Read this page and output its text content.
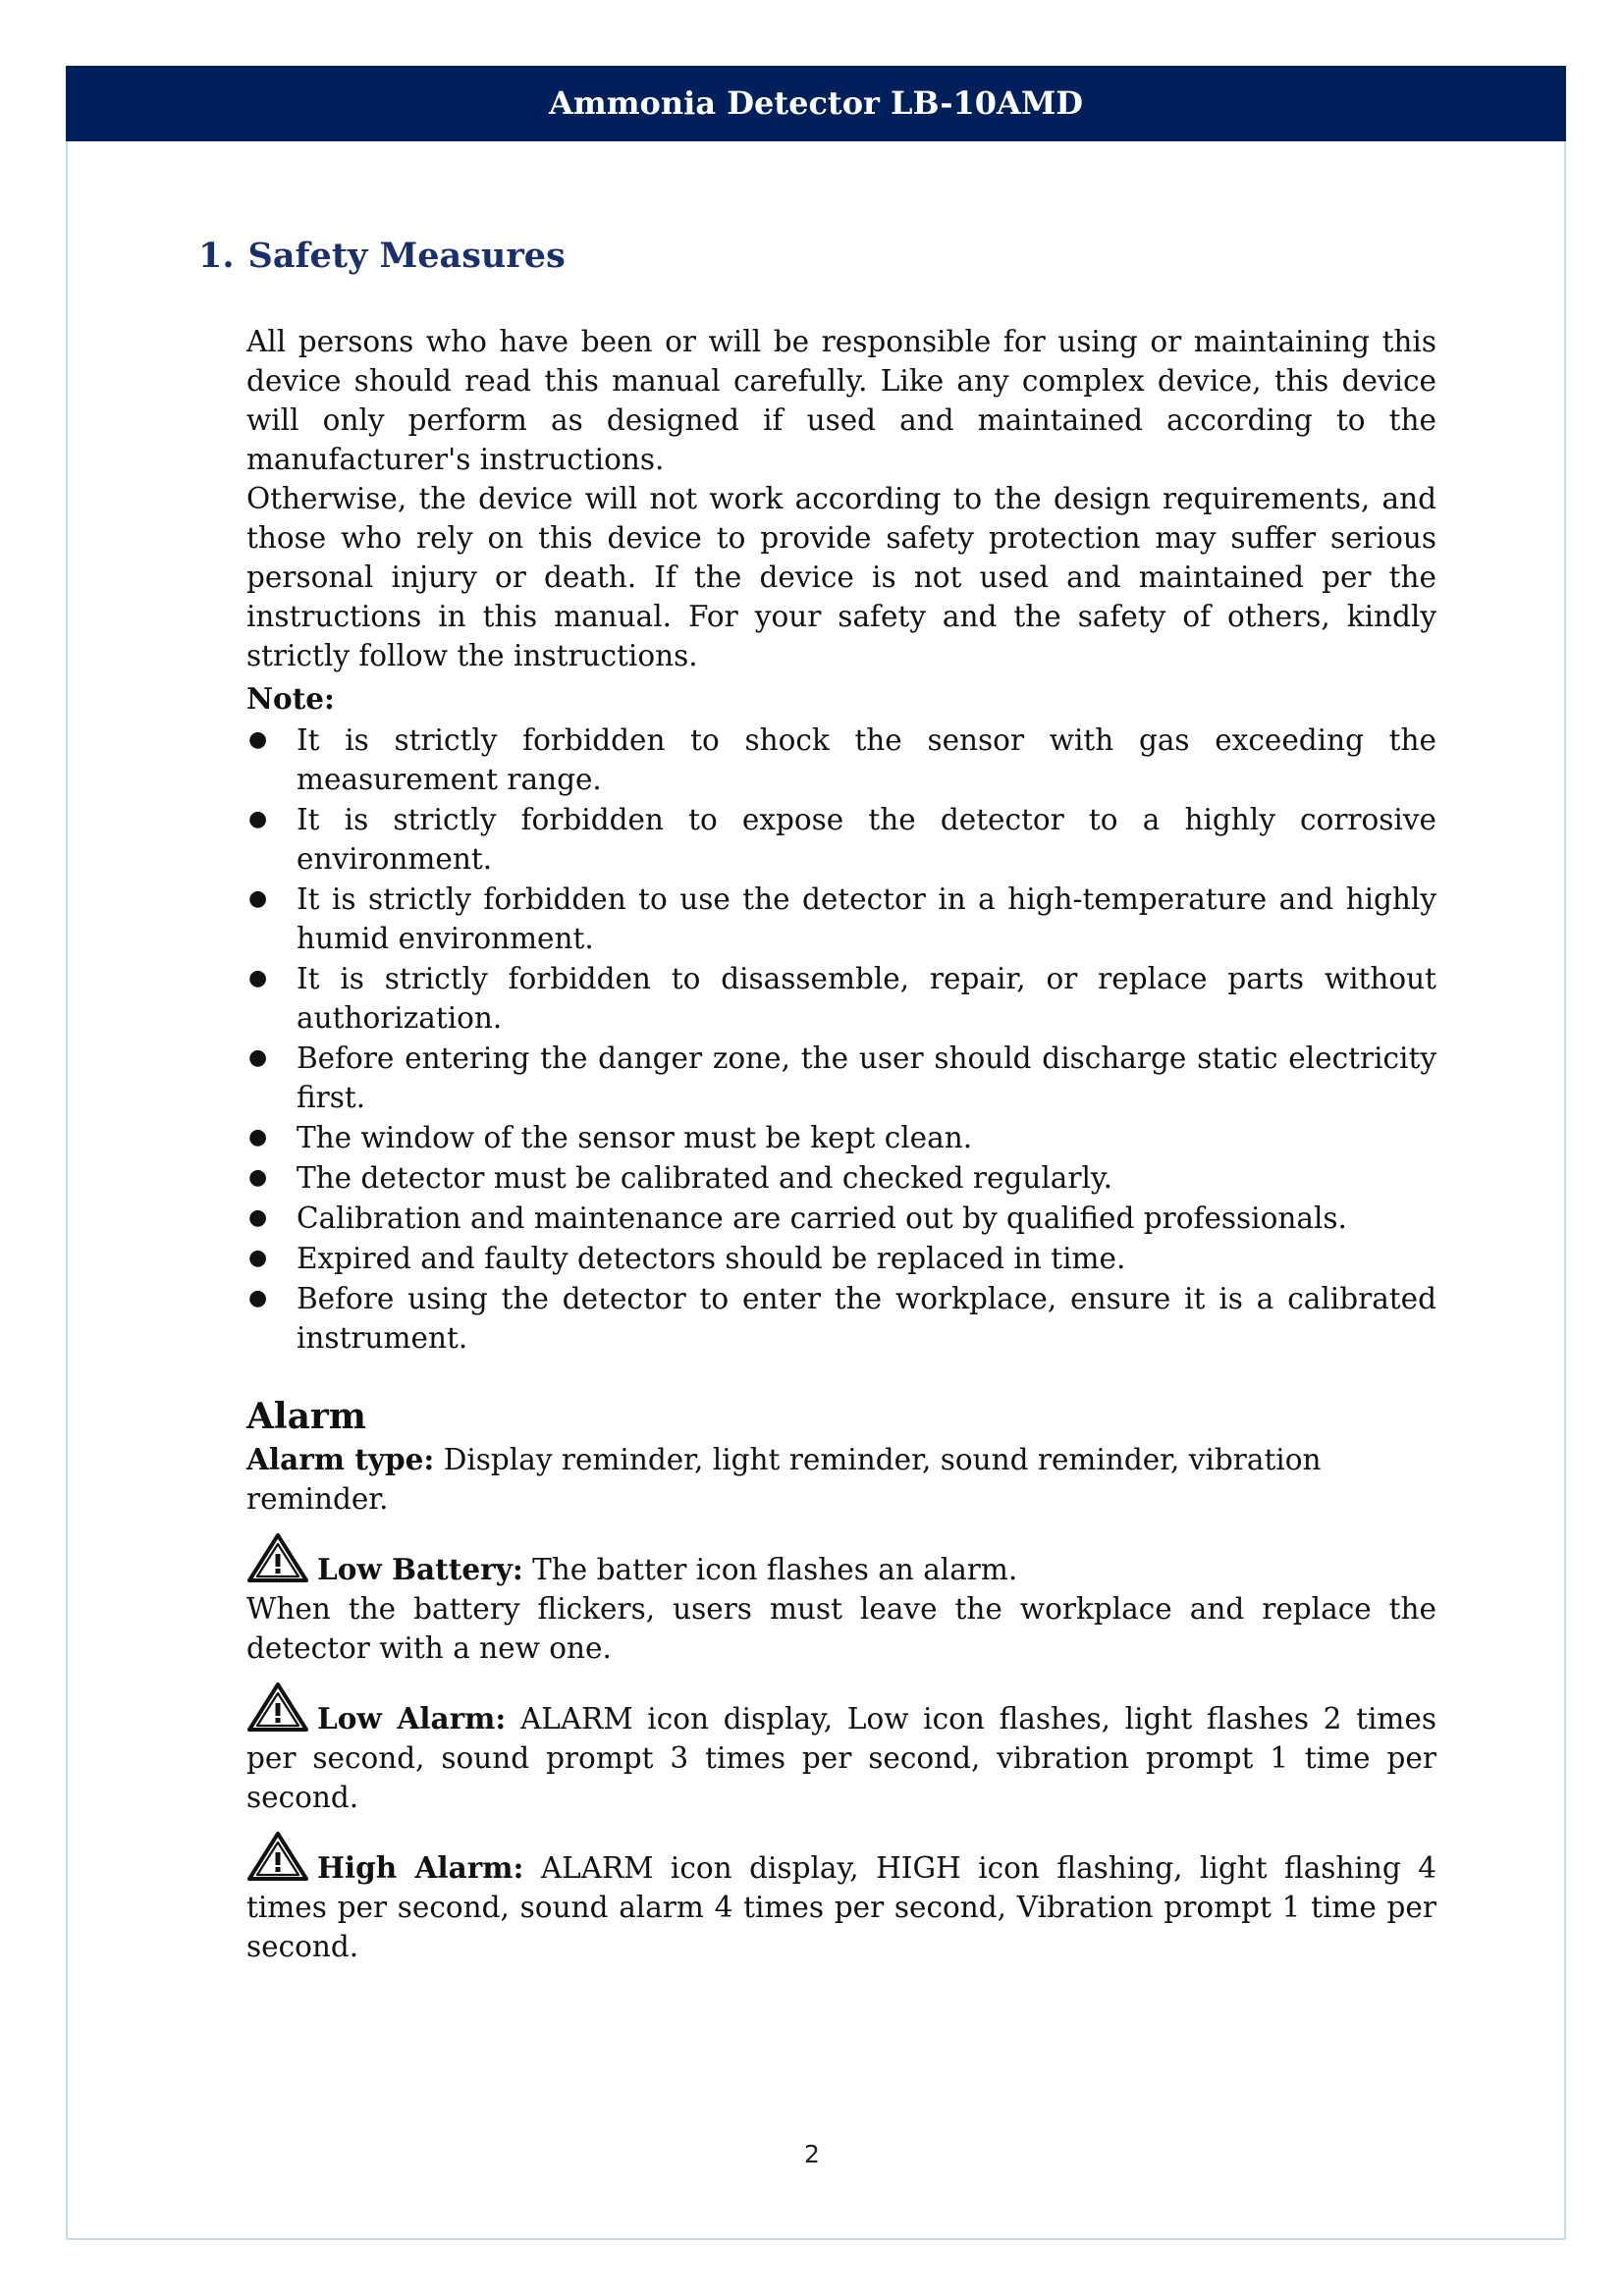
Ammonia Detector LB-10AMD
1. Safety Measures

All persons who have been or will be responsible for using or maintaining this device should read this manual carefully. Like any complex device, this device will only perform as designed if used and maintained according to the manufacturer's instructions.

Otherwise, the device will not work according to the design requirements, and those who rely on this device to provide safety protection may suffer serious personal injury or death. If the device is not used and maintained per the instructions in this manual. For your safety and the safety of others, kindly strictly follow the instructions.

Note:
● It is strictly forbidden to shock the sensor with gas exceeding the measurement range.
● It is strictly forbidden to expose the detector to a highly corrosive environment.
● It is strictly forbidden to use the detector in a high-temperature and highly humid environment.
● It is strictly forbidden to disassemble, repair, or replace parts without authorization.
● Before entering the danger zone, the user should discharge static electricity first.
● The window of the sensor must be kept clean.
● The detector must be calibrated and checked regularly.
● Calibration and maintenance are carried out by qualified professionals.
● Expired and faulty detectors should be replaced in time.
● Before using the detector to enter the workplace, ensure it is a calibrated instrument.
Alarm
Alarm type: Display reminder, light reminder, sound reminder, vibration reminder.
Low Battery: The batter icon flashes an alarm.
When the battery flickers, users must leave the workplace and replace the detector with a new one.
Low Alarm: ALARM icon display, Low icon flashes, light flashes 2 times per second, sound prompt 3 times per second, vibration prompt 1 time per second.
High Alarm: ALARM icon display, HIGH icon flashing, light flashing 4 times per second, sound alarm 4 times per second, Vibration prompt 1 time per second.
2
